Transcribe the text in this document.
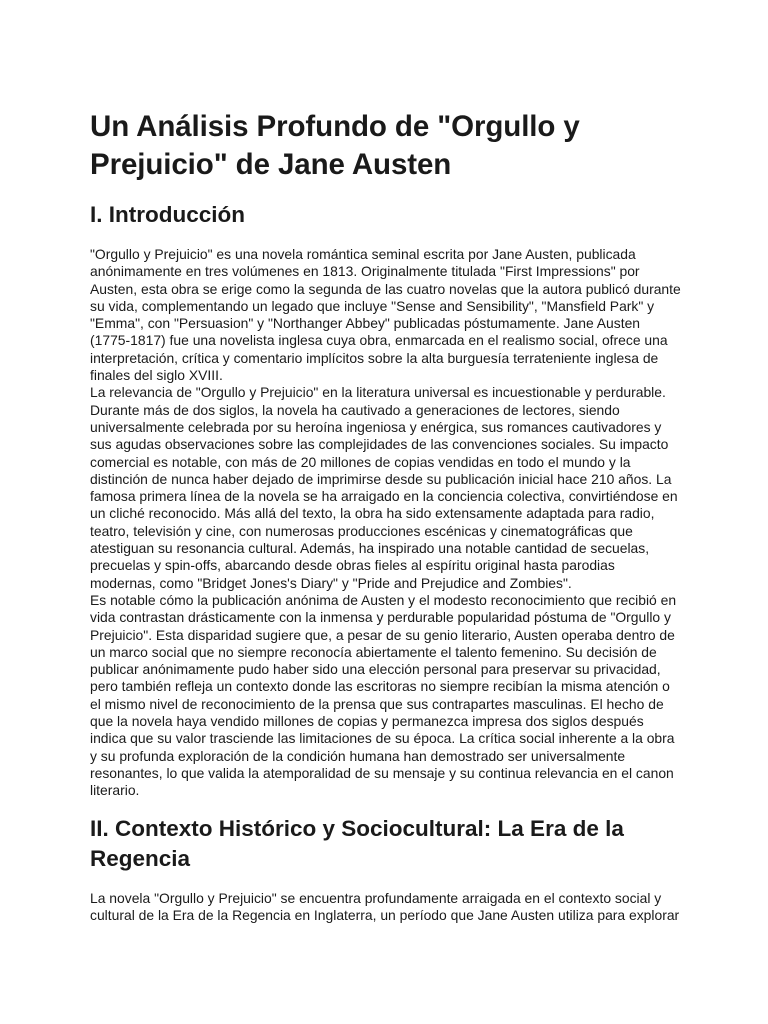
Un Análisis Profundo de "Orgullo y Prejuicio" de Jane Austen
I. Introducción

"Orgullo y Prejuicio" es una novela romántica seminal escrita por Jane Austen, publicada anónimamente en tres volúmenes en 1813. Originalmente titulada "First Impressions" por Austen, esta obra se erige como la segunda de las cuatro novelas que la autora publicó durante su vida, complementando un legado que incluye "Sense and Sensibility", "Mansfield Park" y "Emma", con "Persuasion" y "Northanger Abbey" publicadas póstumamente. Jane Austen (1775-1817) fue una novelista inglesa cuya obra, enmarcada en el realismo social, ofrece una interpretación, crítica y comentario implícitos sobre la alta burguesía terrateniente inglesa de finales del siglo XVIII.

La relevancia de "Orgullo y Prejuicio" en la literatura universal es incuestionable y perdurable. Durante más de dos siglos, la novela ha cautivado a generaciones de lectores, siendo universalmente celebrada por su heroína ingeniosa y enérgica, sus romances cautivadores y sus agudas observaciones sobre las complejidades de las convenciones sociales. Su impacto comercial es notable, con más de 20 millones de copias vendidas en todo el mundo y la distinción de nunca haber dejado de imprimirse desde su publicación inicial hace 210 años. La famosa primera línea de la novela se ha arraigado en la conciencia colectiva, convirtiéndose en un cliché reconocido. Más allá del texto, la obra ha sido extensamente adaptada para radio, teatro, televisión y cine, con numerosas producciones escénicas y cinematográficas que atestiguan su resonancia cultural. Además, ha inspirado una notable cantidad de secuelas, precuelas y spin-offs, abarcando desde obras fieles al espíritu original hasta parodias modernas, como "Bridget Jones's Diary" y "Pride and Prejudice and Zombies".

Es notable cómo la publicación anónima de Austen y el modesto reconocimiento que recibió en vida contrastan drásticamente con la inmensa y perdurable popularidad póstuma de "Orgullo y Prejuicio". Esta disparidad sugiere que, a pesar de su genio literario, Austen operaba dentro de un marco social que no siempre reconocía abiertamente el talento femenino. Su decisión de publicar anónimamente pudo haber sido una elección personal para preservar su privacidad, pero también refleja un contexto donde las escritoras no siempre recibían la misma atención o el mismo nivel de reconocimiento de la prensa que sus contrapartes masculinas. El hecho de que la novela haya vendido millones de copias y permanezca impresa dos siglos después indica que su valor trasciende las limitaciones de su época. La crítica social inherente a la obra y su profunda exploración de la condición humana han demostrado ser universalmente resonantes, lo que valida la atemporalidad de su mensaje y su continua relevancia en el canon literario.

II. Contexto Histórico y Sociocultural: La Era de la Regencia

La novela "Orgullo y Prejuicio" se encuentra profundamente arraigada en el contexto social y cultural de la Era de la Regencia en Inglaterra, un período que Jane Austen utiliza para explorar
